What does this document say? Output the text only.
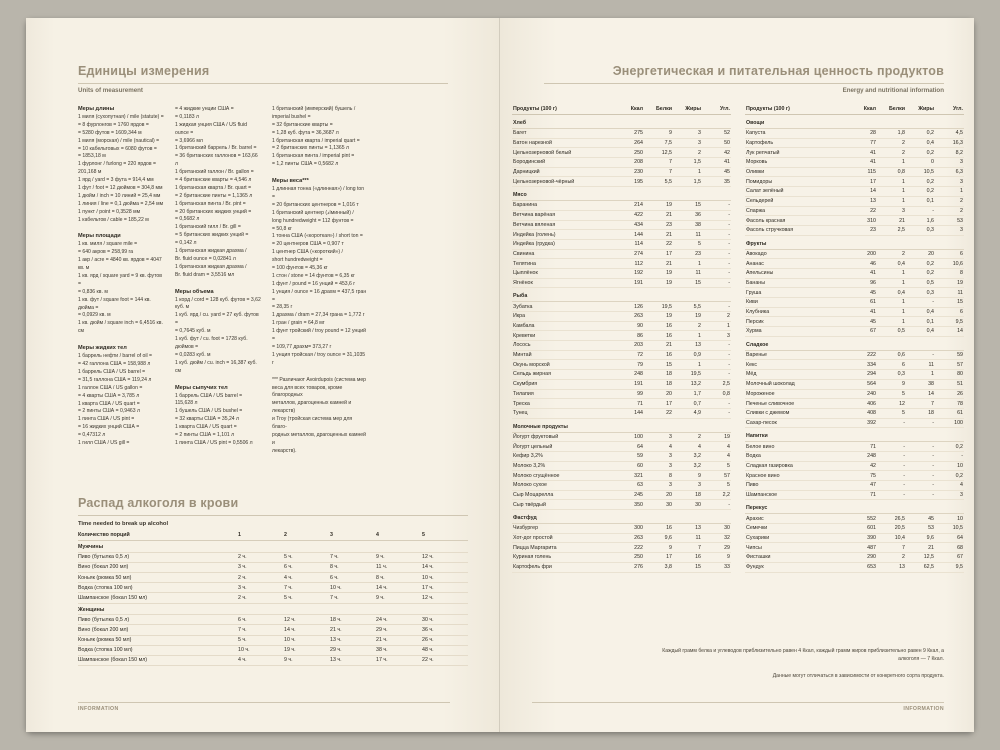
Единицы измерения
Units of measurement
Меры длины
1 миля (сухопутная) / mile (statute) =
= 8 фурлонгов = 1760 ярдов =
= 5280 футов = 1609,344 м
1 миля (морская) / mile (nautical) =
= 10 кабельтовых = 6080 футов =
= 1853,18 м
1 фурлонг / furlong = 220 ярдов = 201,168 м
1 ярд / yard = 3 фута = 914,4 мм
1 фут / foot = 12 дюймов = 304,8 мм
1 дюйм / inch = 10 линий = 25,4 мм
1 линия / line = 0,1 дюйма = 2,54 мм
1 пункт / point = 0,3528 мм
1 кабельтов / cable = 185,22 м
Меры площади
1 кв. миля / square mile =
= 640 акров = 258,99 га
1 акр / acre = 4840 кв. ярдов = 4047 кв. м
1 кв. ярд / square yard = 9 кв. футов =
= 0,836 кв. м
1 кв. фут / square foot = 144 кв. дюйма =
= 0,0929 кв. м
1 кв. дюйм / square inch = 6,4516 кв. см
Меры жидких тел
1 баррель нефти / barrel of oil =
= 42 галлона США = 158,988 л
1 баррель США / US barrel =
= 31,5 галлона США = 119,24 л
1 галлон США / US gallon =
= 4 кварты США = 3,785 л
1 кварта США / US quart =
= 2 пинты США = 0,9463 л
1 пинта США / US pint =
= 16 жидких унций США =
= 0,47312 л
1 гилл США / US gill =
= 4 жидкие унции США =
= 0,1183 л
1 жидкая унция США / US fluid ounce =
= 3,6966 мл
1 британский баррель / Br. barrel =
= 36 британских галлонов = 163,66 л
1 британский галлон / Br. gallon =
= 4 британские кварты = 4,546 л
1 британская кварта / Br. quart =
= 2 британские пинты = 1,1365 л
1 британская пинта / Br. pint =
= 20 британских жидких унций =
= 0,5682 л
1 британский гилл / Br. gill =
= 5 британских жидких унций =
= 0,142 л
1 британская жидкая драхма /
Br. fluid ounce = 0,02841 л
1 британская жидкая драхма /
Br. fluid dram = 3,5516 мл
Меры объема
1 корд / cord = 128 куб. футов = 3,62 куб. м
1 куб. ярд / cu. yard = 27 куб. футов =
= 0,7645 куб. м
1 куб. фут / cu. foot = 1728 куб. дюймов =
= 0,0283 куб. м
1 куб. дюйм / cu. inch = 16,387 куб. см
Меры сыпучих тел
1 баррель США / US barrel = 115,628 л
1 бушель США / US bushel =
= 32 кварты США = 35,24 л
1 кварта США / US quart =
= 2 пинты США = 1,101 л
1 пинта США / US pint = 0,5506 л
1 британский (имперский) бушель /
imperial bushel =
= 32 британские кварты =
= 1,28 куб. фута = 36,3687 л
1 британская кварта / imperial quart =
= 2 британских пинты = 1,1365 л
1 британская пинта / imperial pint =
= 1,2 пинты США = 0,5682 л
Меры веса***
1 длинная тонна («длинная») / long ton =
= 20 британских центнеров = 1,016 т
1 британский центнер (ادминный) /
long hundredweight = 112 фунтов =
= 50,8 кг
1 тонна США («короткая») / short ton =
= 20 центнеров США = 0,907 т
1 центнер США («короткий») /
short hundredweight =
= 100 фунтов = 45,36 кг
1 стон / stone = 14 фунтов = 6,35 кг
1 фунт / pound = 16 унций = 453,6 г
1 унция / ounce = 16 драхм = 437,5 гран =
= 28,35 г
1 драхма / dram = 27,34 грана = 1,772 г
1 гран / grain = 64,8 мг
1 фунт тройский / troy pound = 12 унций =
= 109,77 драхм= 373,27 г
1 унция тройская / troy ounce = 31,1035 г
*** Различают Avoirdupois (система мер
веса для всех товаров, кроме благородных
металлов, драгоценных камней и лекарств)
и Troy (тройская система мер для благо-
родных металлов, драгоценных камней и
лекарств).
Распад алкоголя в крови
Time needed to break up alcohol
Количество порций	1	2	3	4	5
Мужчины					
Пиво (бутылка 0,5 л)	2 ч.	5 ч.	7 ч.	9 ч.	12 ч.
Вино (бокал 200 мл)	3 ч.	6 ч.	8 ч.	11 ч.	14 ч.
Коньяк (рюмка 50 мл)	2 ч.	4 ч.	6 ч.	8 ч.	10 ч.
Водка (стопка 100 мл)	3 ч.	7 ч.	10 ч.	14 ч.	17 ч.
Шампанское (бокал 150 мл)	2 ч.	5 ч.	7 ч.	9 ч.	12 ч.
Женщины					
Пиво (бутылка 0,5 л)	6 ч.	12 ч.	18 ч.	24 ч.	30 ч.
Вино (бокал 200 мл)	7 ч.	14 ч.	21 ч.	29 ч.	36 ч.
Коньяк (рюмка 50 мл)	5 ч.	10 ч.	13 ч.	21 ч.	26 ч.
Водка (стопка 100 мл)	10 ч.	19 ч.	29 ч.	38 ч.	48 ч.
Шампанское (бокал 150 мл)	4 ч.	9 ч.	13 ч.	17 ч.	22 ч.
INFORMATION
Энергетическая и питательная ценность продуктов
Energy and nutritional information
Продукты (100 г)	Ккал	Белки	Жиры	Угл.
Хлеб				
Багет	275	9	3	52
Батон нарезной	264	7,5	3	50
Цельнозерновой белый	250	12,5	2	42
Бородинский	208	7	1,5	41
Дарницкий	230	7	1	45
Цельнозерновой-чёрный	195	5,5	1,5	35
Мясо				
Баранина	214	19	15	-
Ветчина варёная	422	21	36	-
Ветчина вяленая	434	23	38	-
Индейка (голень)	144	21	11	-
Индейка (грудка)	114	22	5	-
Свинина	274	17	23	-
Телятина	112	21	1	-
Цыплёнок	192	19	11	-
Ягнёнок	191	19	15	-
Рыба				
Зубатка	126	19,5	5,5	-
Икра	263	19	19	2
Камбала	90	16	2	1
Креветки	86	16	1	3
Лосось	203	21	13	-
Минтай	72	16	0,9	-
Окунь морской	79	15	1	-
Сельдь жирная	248	18	19,5	-
Скумбрия	191	18	13,2	2,5
Тилапия	99	20	1,7	0,8
Треска	71	17	0,7	-
Тунец	144	22	4,9	-
Молочные продукты				
Йогурт фруктовый	100	3	2	19
Йогурт цельный	64	4	4	4
Кефир 3,2%	59	3	3,2	4
Молоко 3,2%	60	3	3,2	5
Молоко сгущённое	321	8	9	57
Молоко сухое	63	3	3	5
Сыр Моцарелла	245	20	18	2,2
Сыр твёрдый	350	30	30	-
Фастфуд				
Чизбургер	300	16	13	30
Хот-дог простой	263	9,6	11	32
Пицца Маргарита	222	9	7	29
Куриная голень	250	17	16	9
Картофель фри	276	3,8	15	33
Продукты (100 г)	Ккал	Белки	Жиры	Угл.
Овощи				
Капуста	28	1,8	0,2	4,5
Картофель	77	2	0,4	16,3
Лук репчатый	41	2	0,2	8,2
Морковь	41	1	0	3
Оливки	115	0,8	10,5	6,3
Помидоры	17	1	0,2	3
Салат зелёный	14	1	0,2	1
Сельдерей	13	1	0,1	2
Спаржа	22	3	-	2
Фасоль красная	310	21	1,6	53
Фасоль стручковая	23	2,5	0,3	3
Фрукты				
Авокадо	200	2	20	6
Ананас	46	0,4	0,2	10,6
Апельсины	41	1	0,2	8
Бананы	96	1	0,5	19
Груша	45	0,4	0,3	11
Киви	61	1	-	15
Клубника	41	1	0,4	6
Персик	45	1	0,1	9,5
Хурма	67	0,5	0,4	14
Сладкое				
Варенье	222	0,6	-	59
Кекс	334	6	11	57
Мёд	294	0,3	1	80
Молочный шоколад	564	9	38	51
Мороженое	240	5	14	26
Печенье сливочное	406	12	7	78
Сливки с джемом	408	5	18	61
Сахар-песок	392	-	-	100
Напитки				
Белое вино	71	-	-	0,2
Водка	248	-	-	-
Сладкая газировка	42	-	-	10
Красное вино	75	-	-	0,2
Пиво	47	-	-	4
Шампанское	71	-	-	3
Перекус				
Арахис	552	26,5	45	10
Семечки	601	20,5	53	10,5
Сухарики	390	10,4	9,6	64
Чипсы	487	7	21	68
Фисташки	290	2	12,5	67
Фундук	653	13	62,5	9,5
Каждый грамм белка и углеводов приблизительно равен 4 Ккал, каждый грамм жиров приблизительно равен 9 Ккал, а алкоголя — 7 Ккал.
Данные могут отличаться в зависимости от конкретного сорта продукта.
INFORMATION
